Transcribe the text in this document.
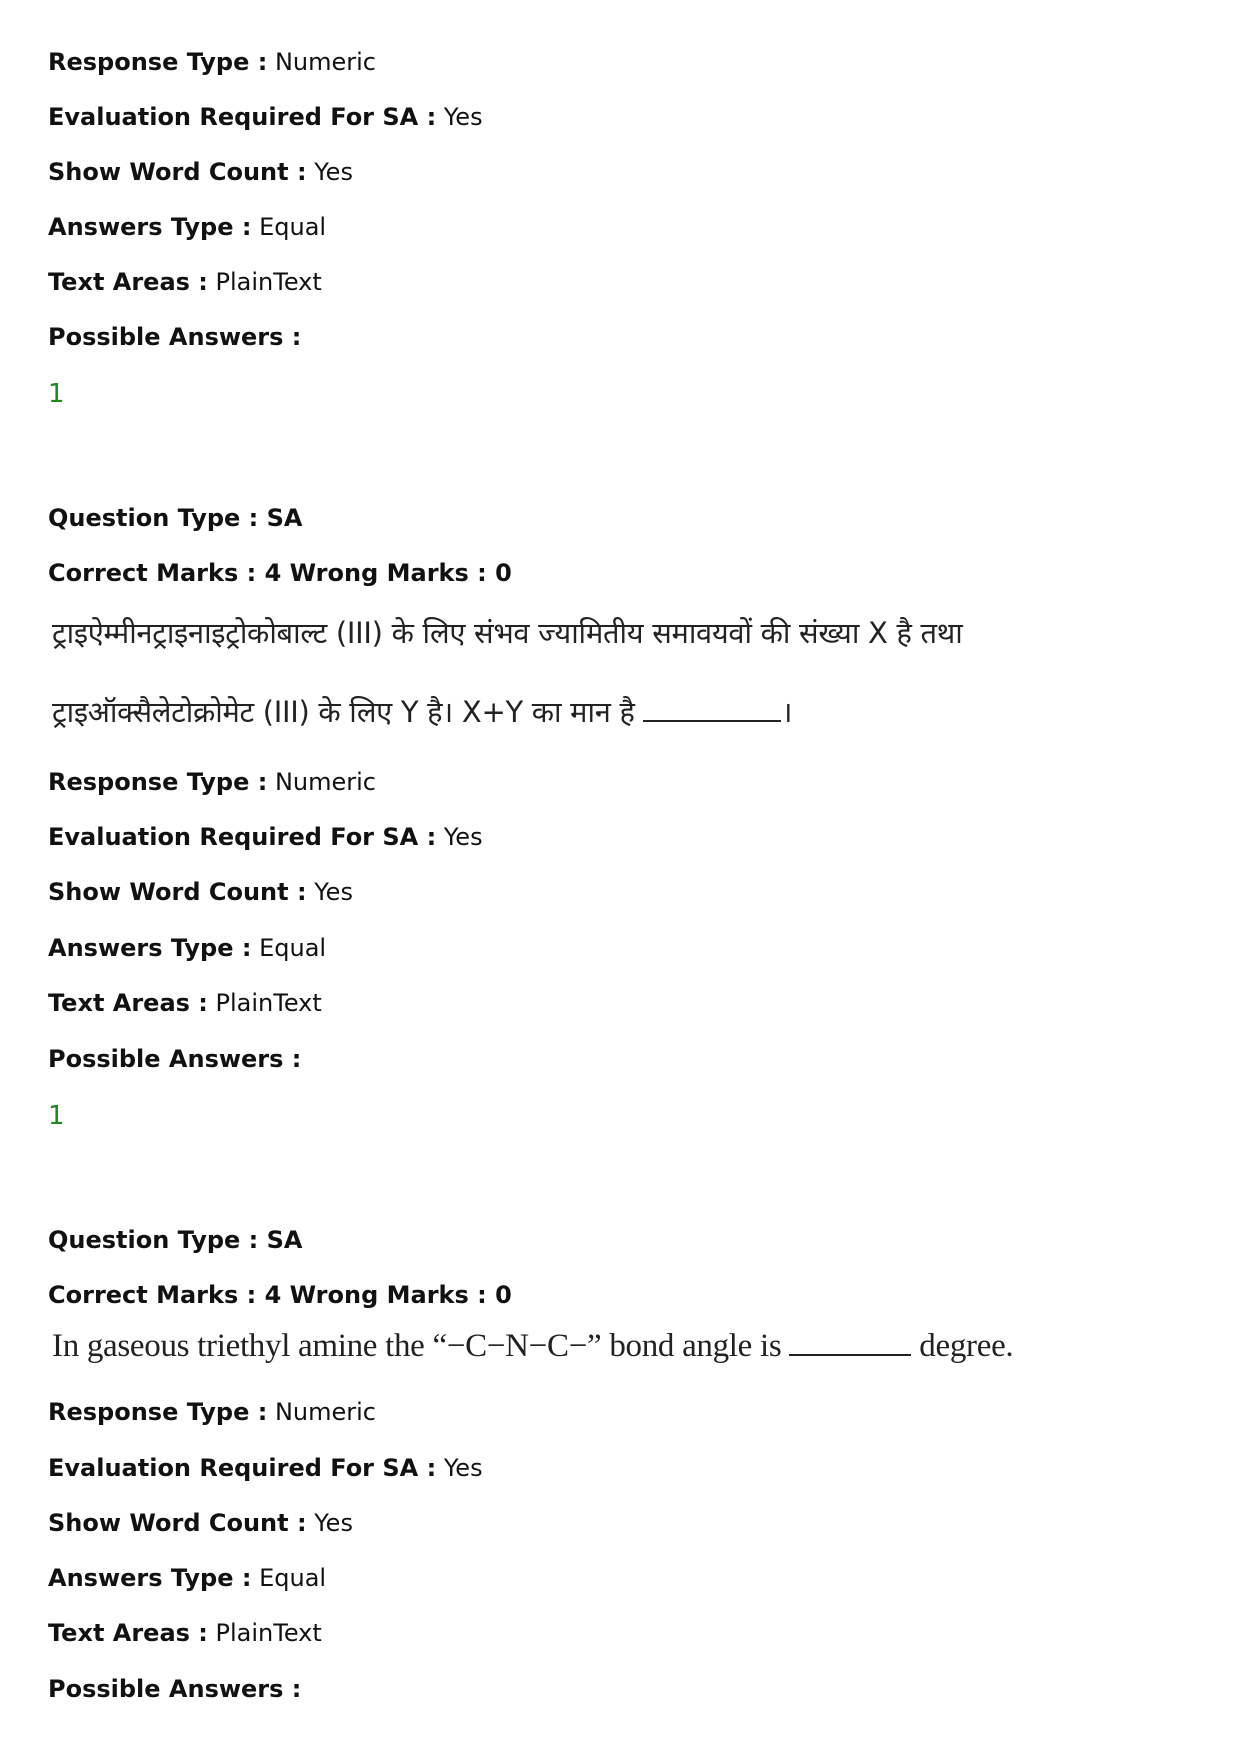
Response Type : Numeric
Evaluation Required For SA : Yes
Show Word Count : Yes
Answers Type : Equal
Text Areas : PlainText
Possible Answers :
1
Question Type : SA
Correct Marks : 4 Wrong Marks : 0
ट्राइऐम्मीनट्राइनाइट्रोकोबाल्ट (III) के लिए संभव ज्यामितीय समावयवों की संख्या X है तथा
ट्राइऑक्सैलेटोक्रोमेट (III) के लिए Y है। X+Y का मान है	।
Response Type : Numeric
Evaluation Required For SA : Yes
Show Word Count : Yes
Answers Type : Equal
Text Areas : PlainText
Possible Answers :
1
Question Type : SA
Correct Marks : 4 Wrong Marks : 0
In gaseous triethyl amine the “−C−N−C−” bond angle is	degree.
Response Type : Numeric
Evaluation Required For SA : Yes
Show Word Count : Yes
Answers Type : Equal
Text Areas : PlainText
Possible Answers :
